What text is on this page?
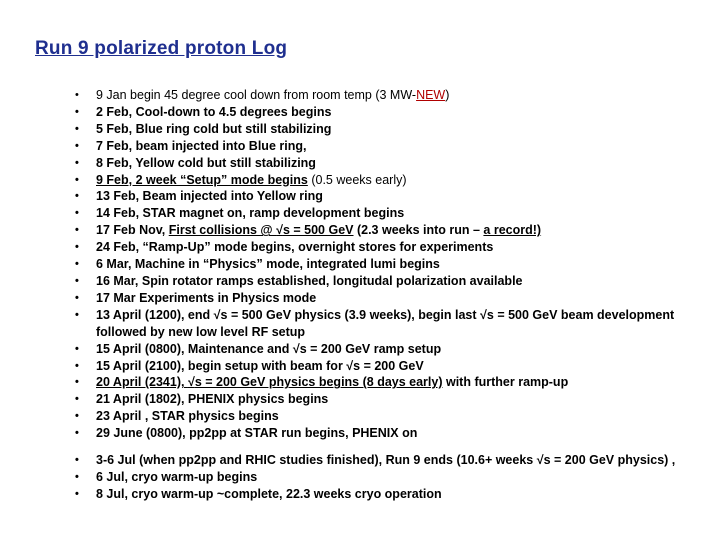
Run 9 polarized proton Log
• 9 Jan begin 45 degree cool down from room temp (3 MW-NEW)
• 2 Feb, Cool-down to 4.5 degrees begins
• 5 Feb, Blue ring cold but still stabilizing
• 7 Feb, beam injected into Blue ring,
• 8 Feb, Yellow cold but still stabilizing
• 9 Feb, 2 week “Setup” mode begins (0.5 weeks early)
• 13 Feb, Beam injected into Yellow ring
• 14 Feb, STAR magnet on, ramp development begins
• 17 Feb Nov, First collisions @ √s = 500 GeV (2.3 weeks into run – a record!)
• 24 Feb, “Ramp-Up” mode begins, overnight stores for experiments
• 6 Mar, Machine in “Physics” mode, integrated lumi begins
• 16 Mar, Spin rotator ramps established, longitudal polarization available
• 17 Mar Experiments in Physics mode
• 13 April (1200), end √s = 500 GeV physics (3.9 weeks), begin last √s = 500 GeV beam development followed by new low level RF setup
• 15 April (0800), Maintenance and √s = 200 GeV ramp setup
• 15 April (2100), begin setup with beam for √s = 200 GeV
• 20 April (2341), √s = 200 GeV physics begins (8 days early) with further ramp-up
• 21 April (1802), PHENIX physics begins
• 23 April , STAR physics begins
• 29 June (0800), pp2pp at STAR run begins, PHENIX on
• 3-6 Jul (when pp2pp and RHIC studies finished), Run 9 ends (10.6+ weeks √s = 200 GeV physics) ,
• 6 Jul, cryo warm-up begins
• 8 Jul, cryo warm-up ~complete, 22.3 weeks cryo operation
